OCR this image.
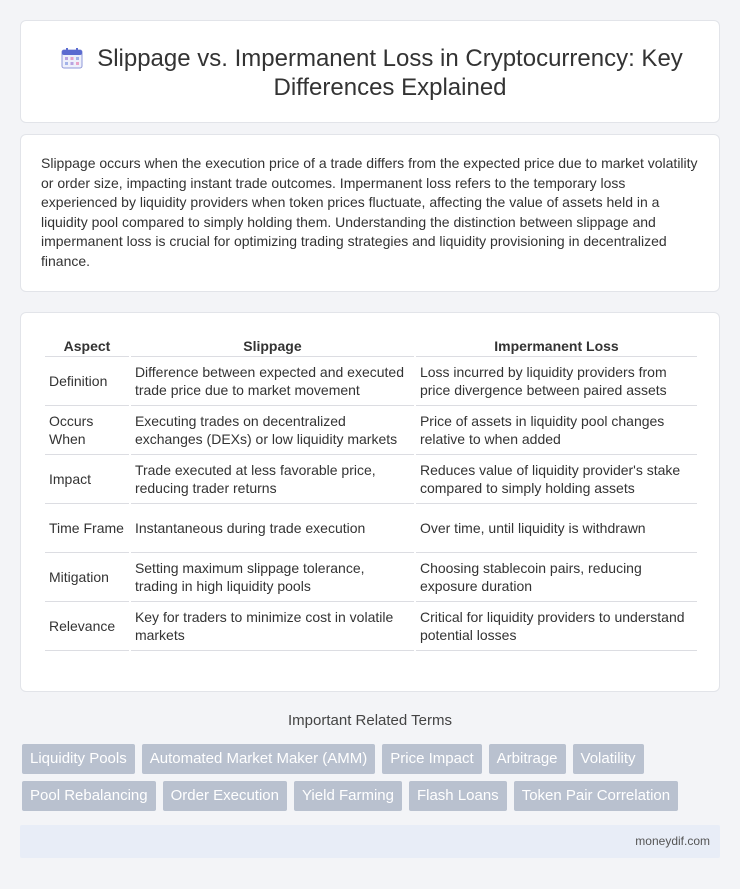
Slippage vs. Impermanent Loss in Cryptocurrency: Key Differences Explained

Slippage occurs when the execution price of a trade differs from the expected price due to market volatility or order size, impacting instant trade outcomes. Impermanent loss refers to the temporary loss experienced by liquidity providers when token prices fluctuate, affecting the value of assets held in a liquidity pool compared to simply holding them. Understanding the distinction between slippage and impermanent loss is crucial for optimizing trading strategies and liquidity provisioning in decentralized finance.

Aspect	Slippage	Impermanent Loss
Definition	Difference between expected and executed trade price due to market movement	Loss incurred by liquidity providers from price divergence between paired assets
Occurs When	Executing trades on decentralized exchanges (DEXs) or low liquidity markets	Price of assets in liquidity pool changes relative to when added
Impact	Trade executed at less favorable price, reducing trader returns	Reduces value of liquidity provider's stake compared to simply holding assets
Time Frame	Instantaneous during trade execution	Over time, until liquidity is withdrawn
Mitigation	Setting maximum slippage tolerance, trading in high liquidity pools	Choosing stablecoin pairs, reducing exposure duration
Relevance	Key for traders to minimize cost in volatile markets	Critical for liquidity providers to understand potential losses
Important Related Terms
Liquidity Pools	Automated Market Maker (AMM)	Price Impact	Arbitrage	Volatility
Pool Rebalancing	Order Execution	Yield Farming	Flash Loans	Token Pair Correlation
moneydif.com
